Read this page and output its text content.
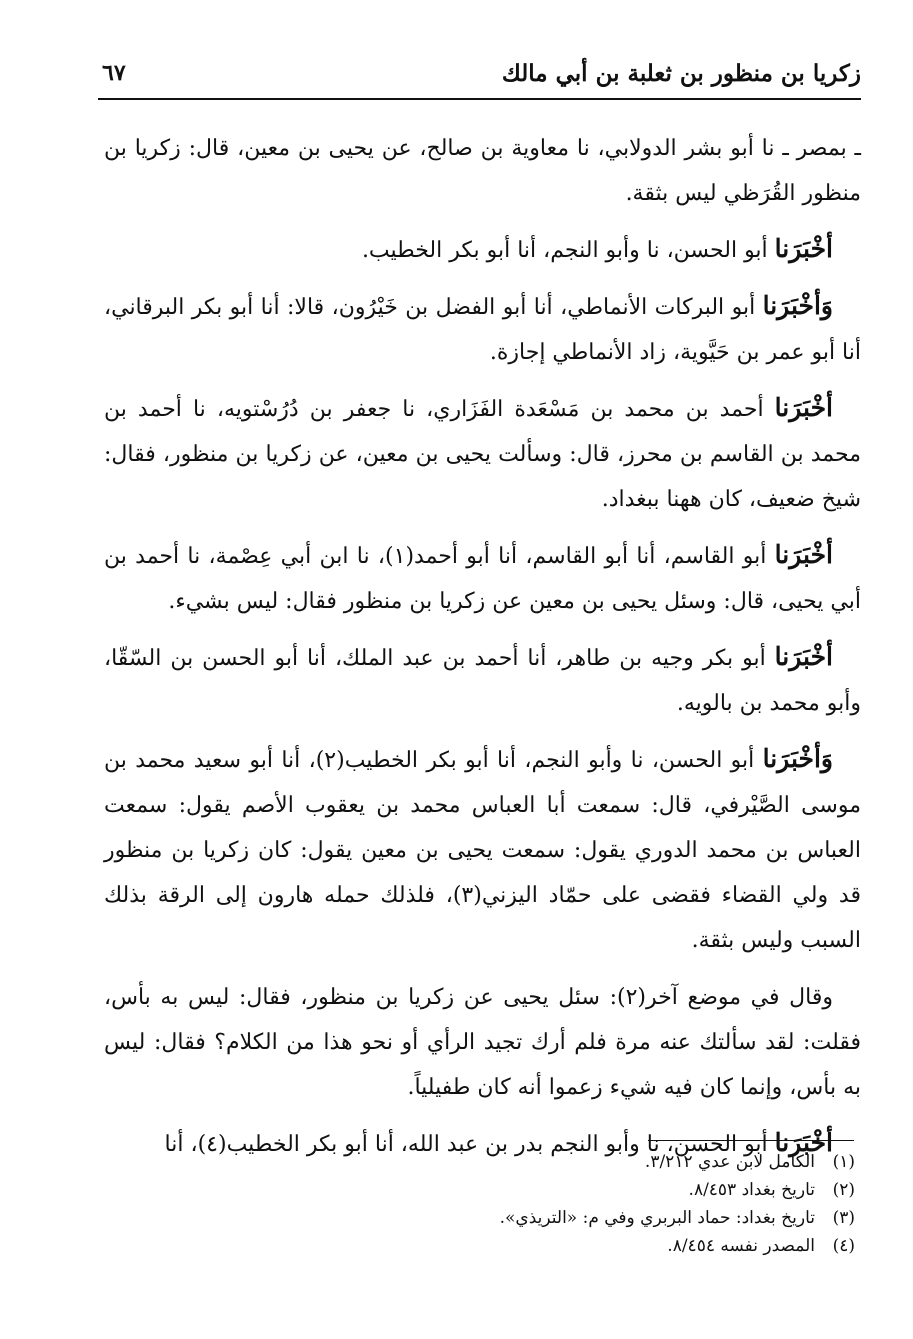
زكريا بن منظور بن ثعلبة بن أبي مالك
٦٧

ـ بمصر ـ نا أبو بشر الدولابي، نا معاوية بن صالح، عن يحيى بن معين، قال: زكريا بن منظور القُرَظي ليس بثقة.

أخْبَرَنا أبو الحسن، نا وأبو النجم، أنا أبو بكر الخطيب.

وَأخْبَرَنا أبو البركات الأنماطي، أنا أبو الفضل بن خَيْرُون، قالا: أنا أبو بكر البرقاني، أنا أبو عمر بن حَيَّوية، زاد الأنماطي إجازة.

أخْبَرَنا أحمد بن محمد بن مَسْعَدة الفَزَاري، نا جعفر بن دُرُسْتويه، نا أحمد بن محمد بن القاسم بن محرز، قال: وسألت يحيى بن معين، عن زكريا بن منظور، فقال: شيخ ضعيف، كان ههنا ببغداد.

أخْبَرَنا أبو القاسم، أنا أبو القاسم، أنا أبو أحمد(١)، نا ابن أبي عِصْمة، نا أحمد بن أبي يحيى، قال: وسئل يحيى بن معين عن زكريا بن منظور فقال: ليس بشيء.

أخْبَرَنا أبو بكر وجيه بن طاهر، أنا أحمد بن عبد الملك، أنا أبو الحسن بن السّقّا، وأبو محمد بن بالويه.

وَأخْبَرَنا أبو الحسن، نا وأبو النجم، أنا أبو بكر الخطيب(٢)، أنا أبو سعيد محمد بن موسى الصَّيْرفي، قال: سمعت أبا العباس محمد بن يعقوب الأصم يقول: سمعت العباس بن محمد الدوري يقول: سمعت يحيى بن معين يقول: كان زكريا بن منظور قد ولي القضاء فقضى على حمّاد اليزني(٣)، فلذلك حمله هارون إلى الرقة بذلك السبب وليس بثقة.

وقال في موضع آخر(٢): سئل يحيى عن زكريا بن منظور، فقال: ليس به بأس، فقلت: لقد سألتك عنه مرة فلم أرك تجيد الرأي أو نحو هذا من الكلام؟ فقال: ليس به بأس، وإنما كان فيه شيء زعموا أنه كان طفيلياً.

أخْبَرَنا أبو الحسن، نا وأبو النجم بدر بن عبد الله، أنا أبو بكر الخطيب(٤)، أنا

(١)
الكامل لابن عدي ٣/٢١٢.
(٢)
تاريخ بغداد ٨/٤٥٣.
(٣)
تاريخ بغداد: حماد البربري وفي م: «التريذي».
(٤)
المصدر نفسه ٨/٤٥٤.
